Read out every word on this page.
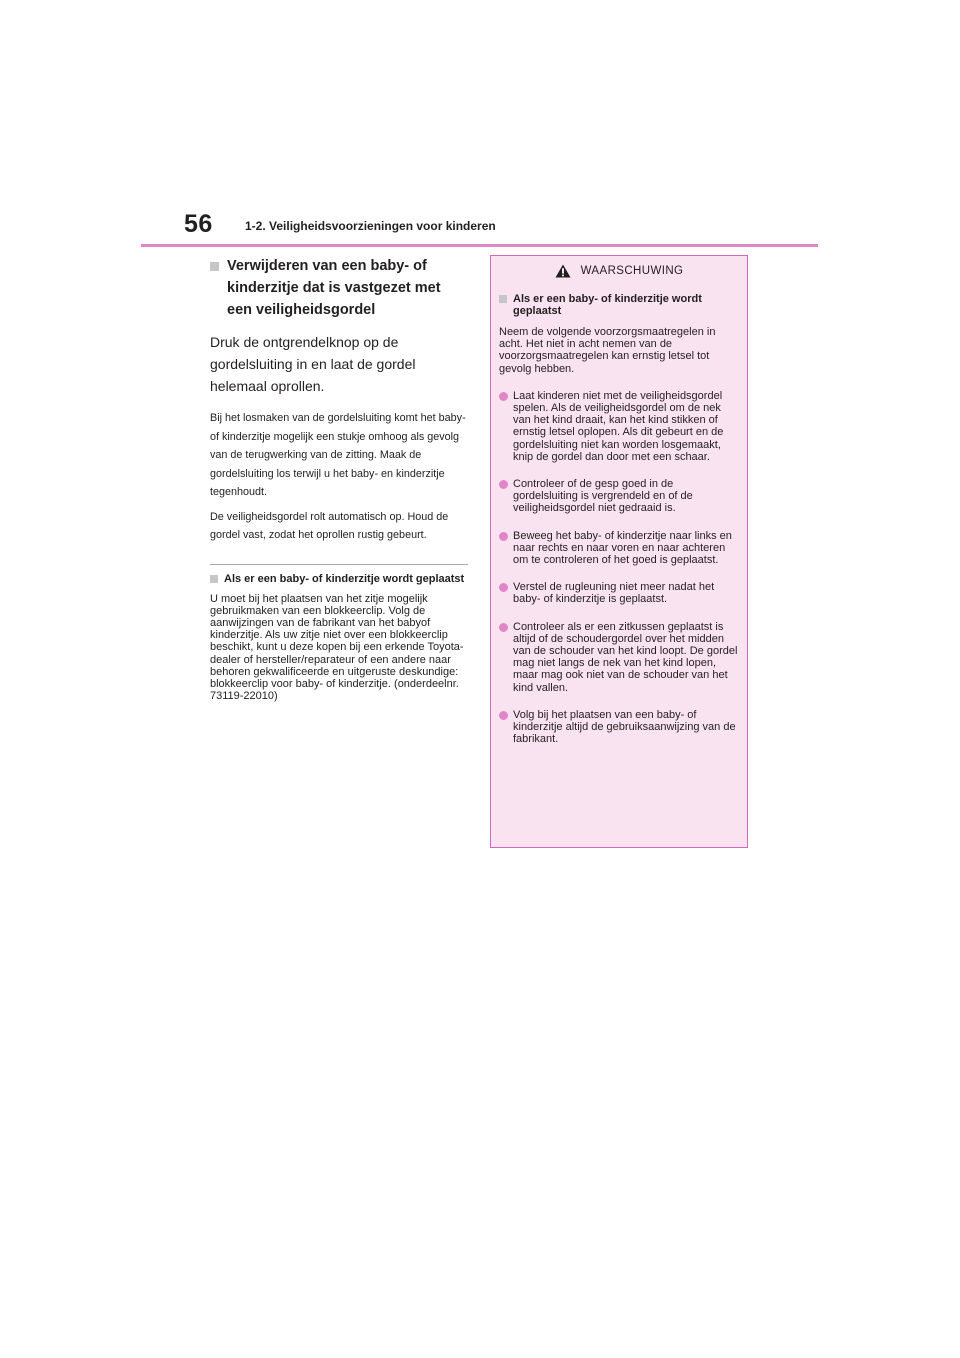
56	1-2. Veiligheidsvoorzieningen voor kinderen
Verwijderen van een baby- of kinderzitje dat is vastgezet met een veiligheidsgordel

Druk de ontgrendelknop op de gordelsluiting in en laat de gordel helemaal oprollen.

Bij het losmaken van de gordelsluiting komt het baby- of kinderzitje mogelijk een stukje omhoog als gevolg van de terugwerking van de zitting. Maak de gordelsluiting los terwijl u het baby- en kinderzitje tegenhoudt.

De veiligheidsgordel rolt automatisch op. Houd de gordel vast, zodat het oprollen rustig gebeurt.

Als er een baby- of kinderzitje wordt geplaatst
U moet bij het plaatsen van het zitje mogelijk gebruikmaken van een blokkeerclip. Volg de aanwijzingen van de fabrikant van het babyof kinderzitje. Als uw zitje niet over een blokkeerclip beschikt, kunt u deze kopen bij een erkende Toyota-dealer of hersteller/reparateur of een andere naar behoren gekwalificeerde en uitgeruste deskundige: blokkeerclip voor baby- of kinderzitje. (onderdeelnr. 73119-22010)
WAARSCHUWING
Als er een baby- of kinderzitje wordt geplaatst
Neem de volgende voorzorgsmaatregelen in acht. Het niet in acht nemen van de voorzorgsmaatregelen kan ernstig letsel tot gevolg hebben.
Laat kinderen niet met de veiligheidsgordel spelen. Als de veiligheidsgordel om de nek van het kind draait, kan het kind stikken of ernstig letsel oplopen. Als dit gebeurt en de gordelsluiting niet kan worden losgemaakt, knip de gordel dan door met een schaar.
Controleer of de gesp goed in de gordelsluiting is vergrendeld en of de veiligheidsgordel niet gedraaid is.
Beweeg het baby- of kinderzitje naar links en naar rechts en naar voren en naar achteren om te controleren of het goed is geplaatst.
Verstel de rugleuning niet meer nadat het baby- of kinderzitje is geplaatst.
Controleer als er een zitkussen geplaatst is altijd of de schoudergordel over het midden van de schouder van het kind loopt. De gordel mag niet langs de nek van het kind lopen, maar mag ook niet van de schouder van het kind vallen.
Volg bij het plaatsen van een baby- of kinderzitje altijd de gebruiksaanwijzing van de fabrikant.
